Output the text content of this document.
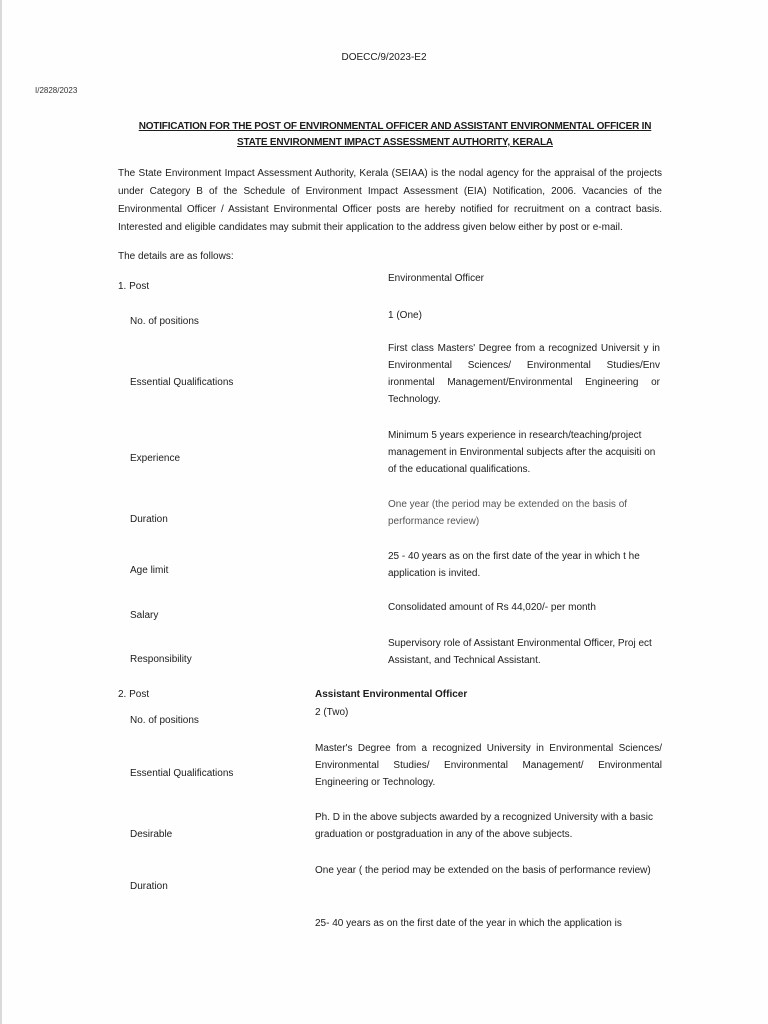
DOECC/9/2023-E2
I/2828/2023
NOTIFICATION FOR THE POST OF ENVIRONMENTAL OFFICER AND ASSISTANT ENVIRONMENTAL OFFICER IN
STATE ENVIRONMENT IMPACT ASSESSMENT AUTHORITY, KERALA
The State Environment Impact Assessment Authority, Kerala (SEIAA) is the nodal agency for the appraisal of the projects under Category B of the Schedule of Environment Impact Assessment (EIA) Notification, 2006. Vacancies of the Environmental Officer / Assistant Environmental Officer posts are hereby notified for recruitment on a contract basis. Interested and eligible candidates may submit their application to the address given below either by post or e-mail.
The details are as follows:
1. Post
Environmental Officer
No. of positions
1 (One)
Essential Qualifications
First class Masters' Degree from a recognized Universit y in Environmental Sciences/ Environmental Studies/Env ironmental Management/Environmental Engineering or Technology.
Experience
Minimum 5 years experience in research/teaching/project management in Environmental subjects after the acquisiti on of the educational qualifications.
Duration
One year (the period may be extended on the basis of performance review)
Age limit
25 - 40 years as on the first date of the year in which t he application is invited.
Salary
Consolidated amount of Rs 44,020/- per month
Responsibility
Supervisory role of Assistant Environmental Officer, Proj ect Assistant, and Technical Assistant.
2. Post	Assistant Environmental Officer
No. of positions
2 (Two)
Essential Qualifications
Master's Degree from a recognized University in Environmental Sciences/ Environmental Studies/ Environmental Management/ Environmental Engineering or Technology.
Desirable
Ph. D in the above subjects awarded by a recognized University with a basic graduation or postgraduation in any of the above subjects.
Duration
One year ( the period may be extended on the basis of performance review)
25- 40 years as on the first date of the year in which the application is
